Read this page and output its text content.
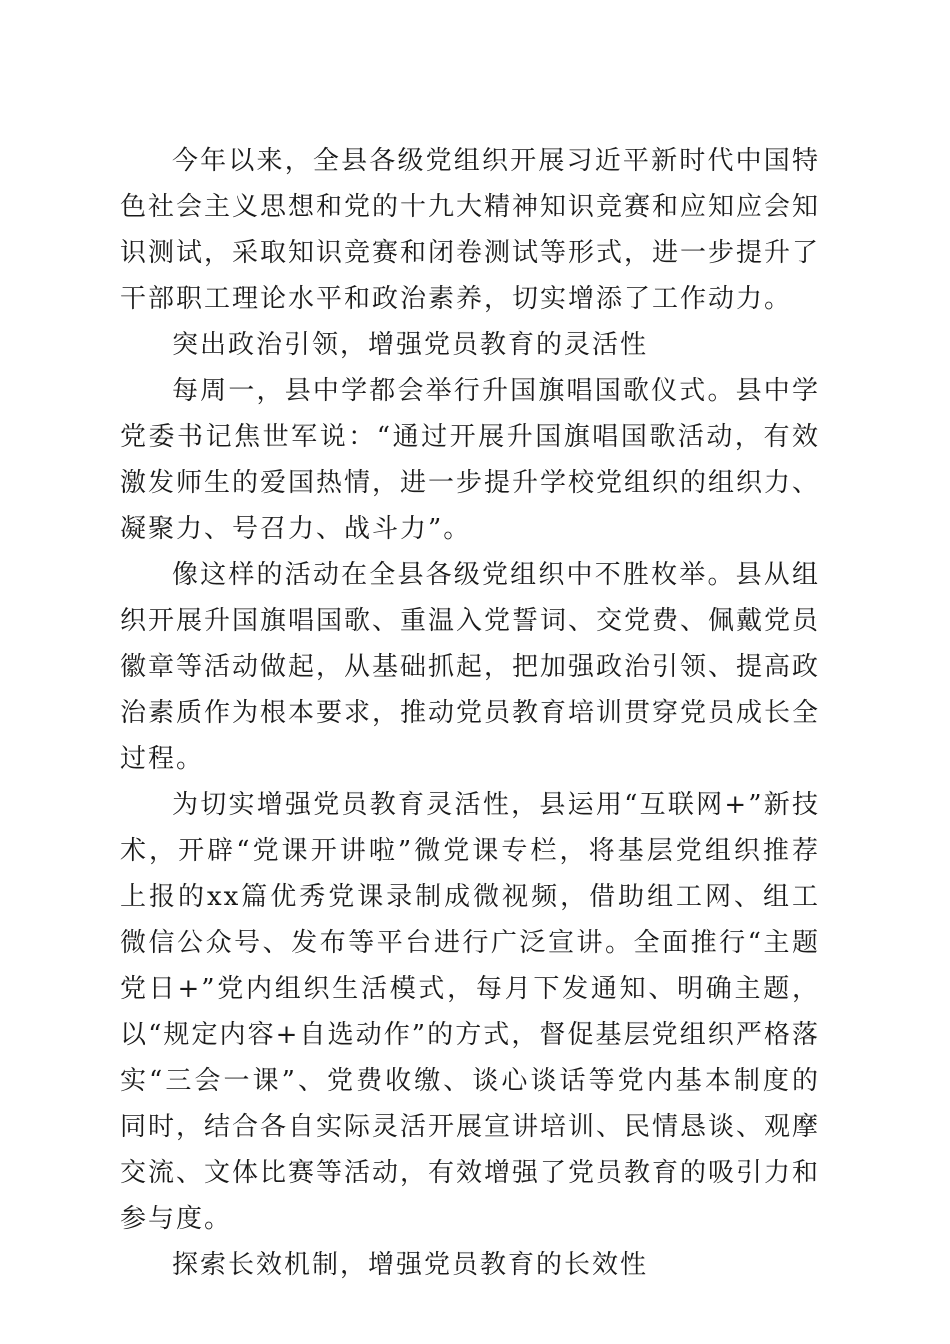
今年以来，全县各级党组织开展习近平新时代中国特色社会主义思想和党的十九大精神知识竞赛和应知应会知识测试，采取知识竞赛和闭卷测试等形式，进一步提升了干部职工理论水平和政治素养，切实增添了工作动力。

突出政治引领，增强党员教育的灵活性

每周一，县中学都会举行升国旗唱国歌仪式。县中学党委书记焦世军说：“通过开展升国旗唱国歌活动，有效激发师生的爱国热情，进一步提升学校党组织的组织力、凝聚力、号召力、战斗力”。

像这样的活动在全县各级党组织中不胜枚举。县从组织开展升国旗唱国歌、重温入党誓词、交党费、佩戴党员徽章等活动做起，从基础抓起，把加强政治引领、提高政治素质作为根本要求，推动党员教育培训贯穿党员成长全过程。

为切实增强党员教育灵活性，县运用“互联网+”新技术，开辟“党课开讲啦”微党课专栏，将基层党组织推荐上报的xx篇优秀党课录制成微视频，借助组工网、组工微信公众号、发布等平台进行广泛宣讲。全面推行“主题党日+”党内组织生活模式，每月下发通知、明确主题，以“规定内容+自选动作”的方式，督促基层党组织严格落实“三会一课”、党费收缴、谈心谈话等党内基本制度的同时，结合各自实际灵活开展宣讲培训、民情恳谈、观摩交流、文体比赛等活动，有效增强了党员教育的吸引力和参与度。

探索长效机制，增强党员教育的长效性
